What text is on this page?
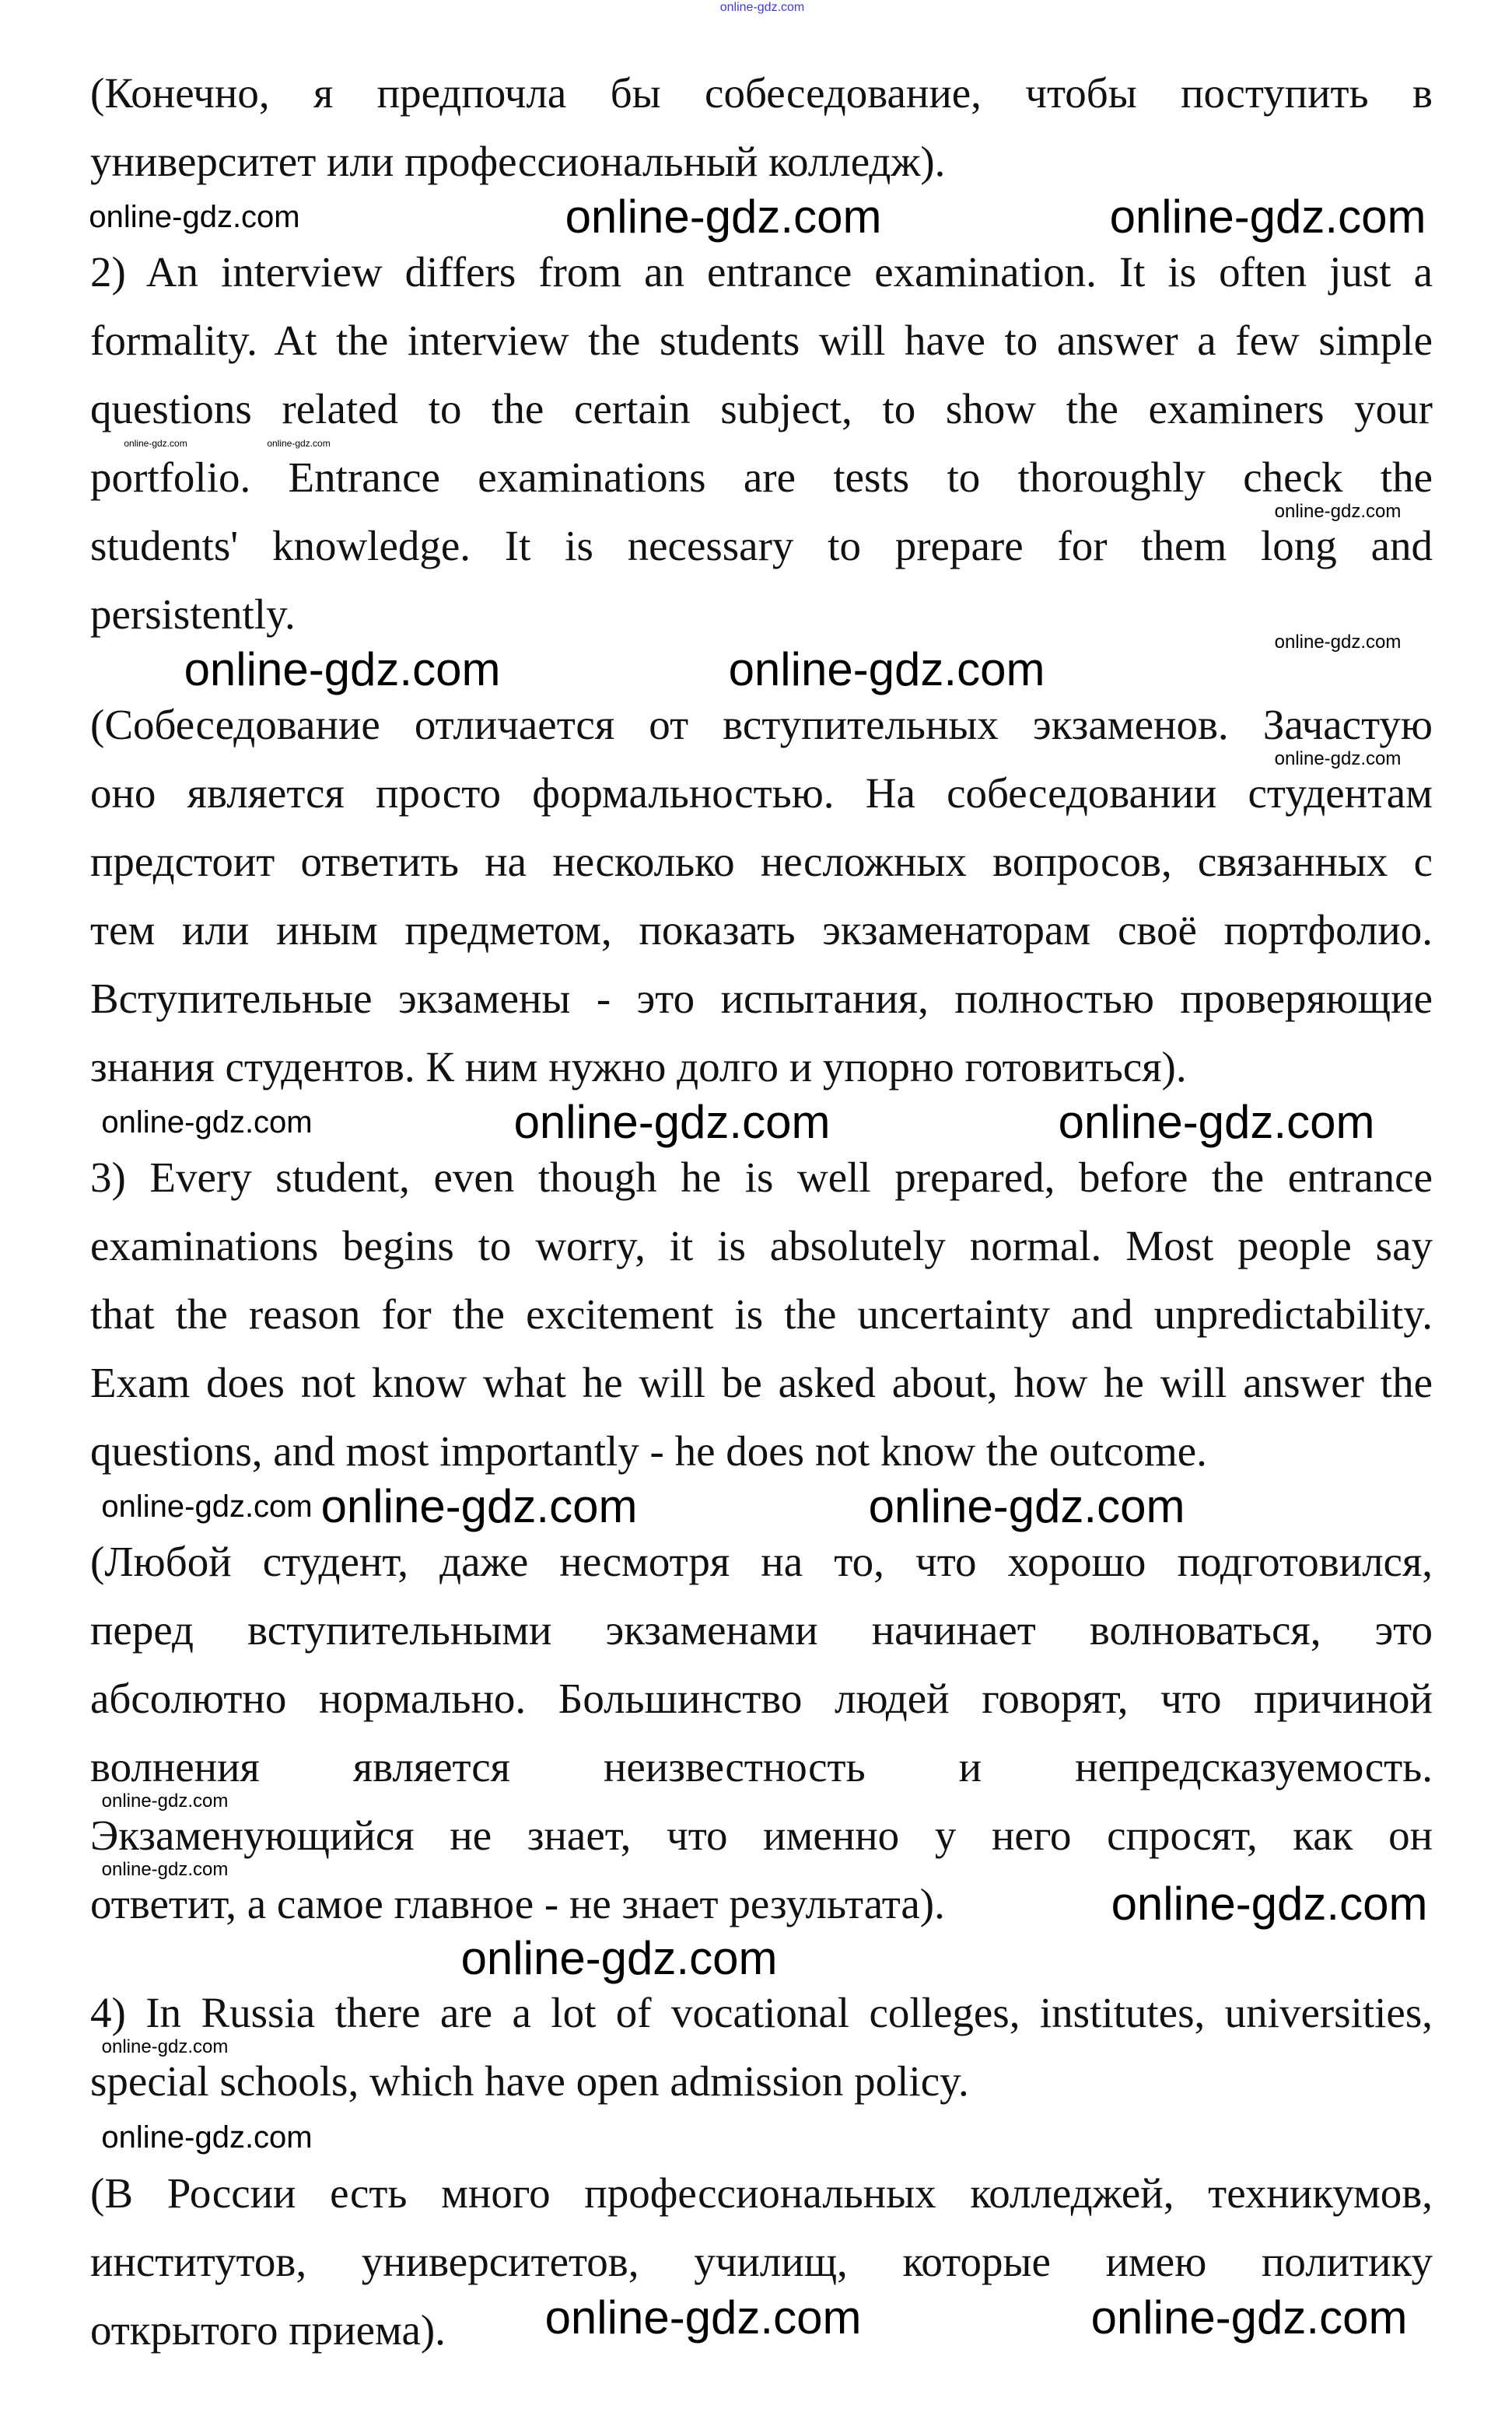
(Конечно, я предпочла бы собеседование, чтобы поступить в
университет или профессиональный колледж).
2) An interview differs from an entrance examination. It is often just a
formality. At the interview the students will have to answer a few simple
questions related to the certain subject, to show the examiners your
portfolio. Entrance examinations are tests to thoroughly check the
students' knowledge. It is necessary to prepare for them long and
persistently.
(Собеседование отличается от вступительных экзаменов. Зачастую
оно является просто формальностью. На собеседовании студентам
предстоит ответить на несколько несложных вопросов, связанных с
тем или иным предметом, показать экзаменаторам своё портфолио.
Вступительные экзамены - это испытания, полностью проверяющие
знания студентов. К ним нужно долго и упорно готовиться).
3) Every student, even though he is well prepared, before the entrance
examinations begins to worry, it is absolutely normal. Most people say
that the reason for the excitement is the uncertainty and unpredictability.
Exam does not know what he will be asked about, how he will answer the
questions, and most importantly - he does not know the outcome.
(Любой студент, даже несмотря на то, что хорошо подготовился,
перед вступительными экзаменами начинает волноваться, это
абсолютно нормально. Большинство людей говорят, что причиной
волнения является неизвестность и непредсказуемость.
Экзаменующийся не знает, что именно у него спросят, как он
ответит, а самое главное - не знает результата).
4) In Russia there are a lot of vocational colleges, institutes, universities,
special schools, which have open admission policy.
(В России есть много профессиональных колледжей, техникумов,
институтов, университетов, училищ, которые имею политику
открытого приема).
online-gdz.com
online-gdz.com	online-gdz.com	online-gdz.com
online-gdz.com	online-gdz.com
online-gdz.com
online-gdz.com
online-gdz.com	online-gdz.com
online-gdz.com
online-gdz.com	online-gdz.com	online-gdz.com
online-gdz.com online-gdz.com	online-gdz.com
online-gdz.com
online-gdz.com
online-gdz.com
online-gdz.com
online-gdz.com
online-gdz.com
online-gdz.com	online-gdz.com
